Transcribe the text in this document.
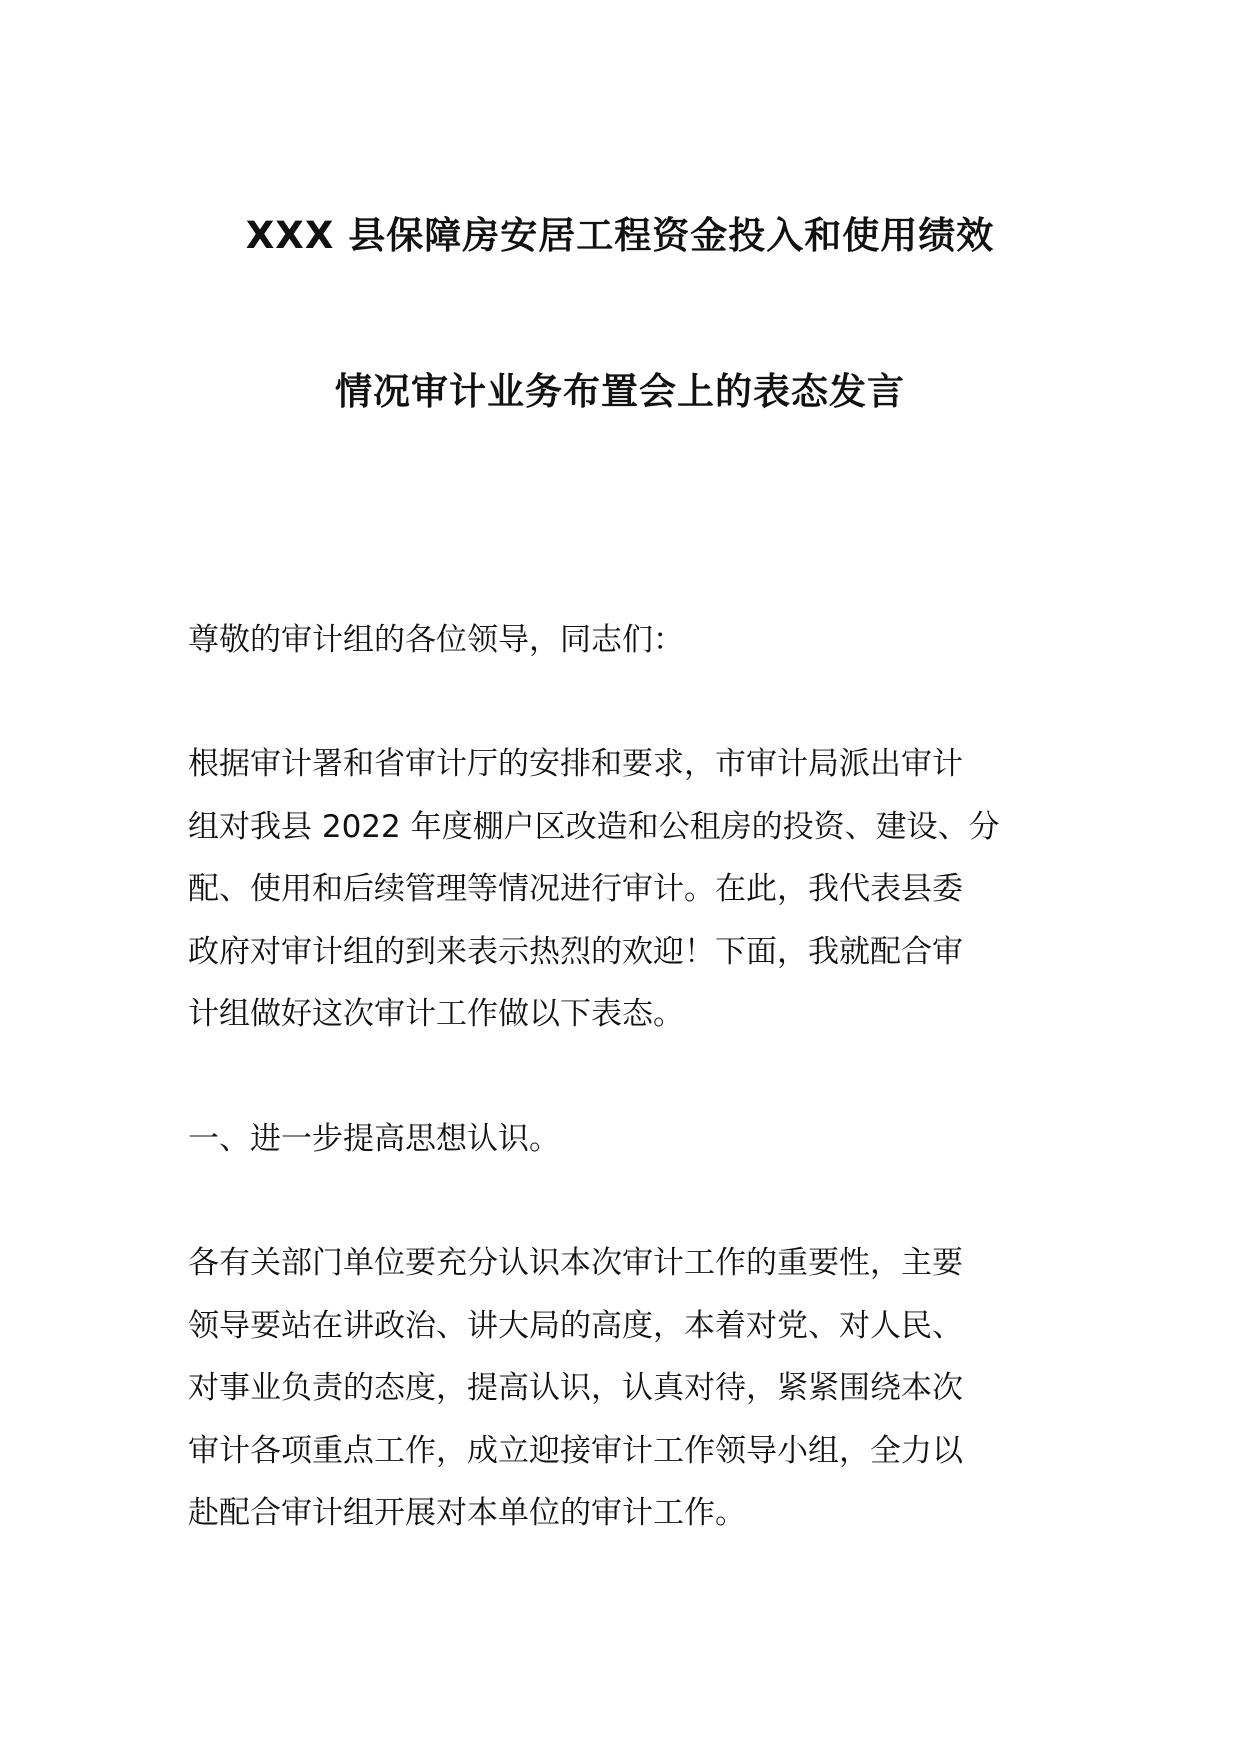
XXX 县保障房安居工程资金投入和使用绩效
情况审计业务布置会上的表态发言
尊敬的审计组的各位领导，同志们：
根据审计署和省审计厅的安排和要求，市审计局派出审计
组对我县 2022 年度棚户区改造和公租房的投资、建设、分
配、使用和后续管理等情况进行审计。在此，我代表县委
政府对审计组的到来表示热烈的欢迎！下面，我就配合审
计组做好这次审计工作做以下表态。
一、进一步提高思想认识。
各有关部门单位要充分认识本次审计工作的重要性，主要
领导要站在讲政治、讲大局的高度，本着对党、对人民、
对事业负责的态度，提高认识，认真对待，紧紧围绕本次
审计各项重点工作，成立迎接审计工作领导小组，全力以
赴配合审计组开展对本单位的审计工作。
